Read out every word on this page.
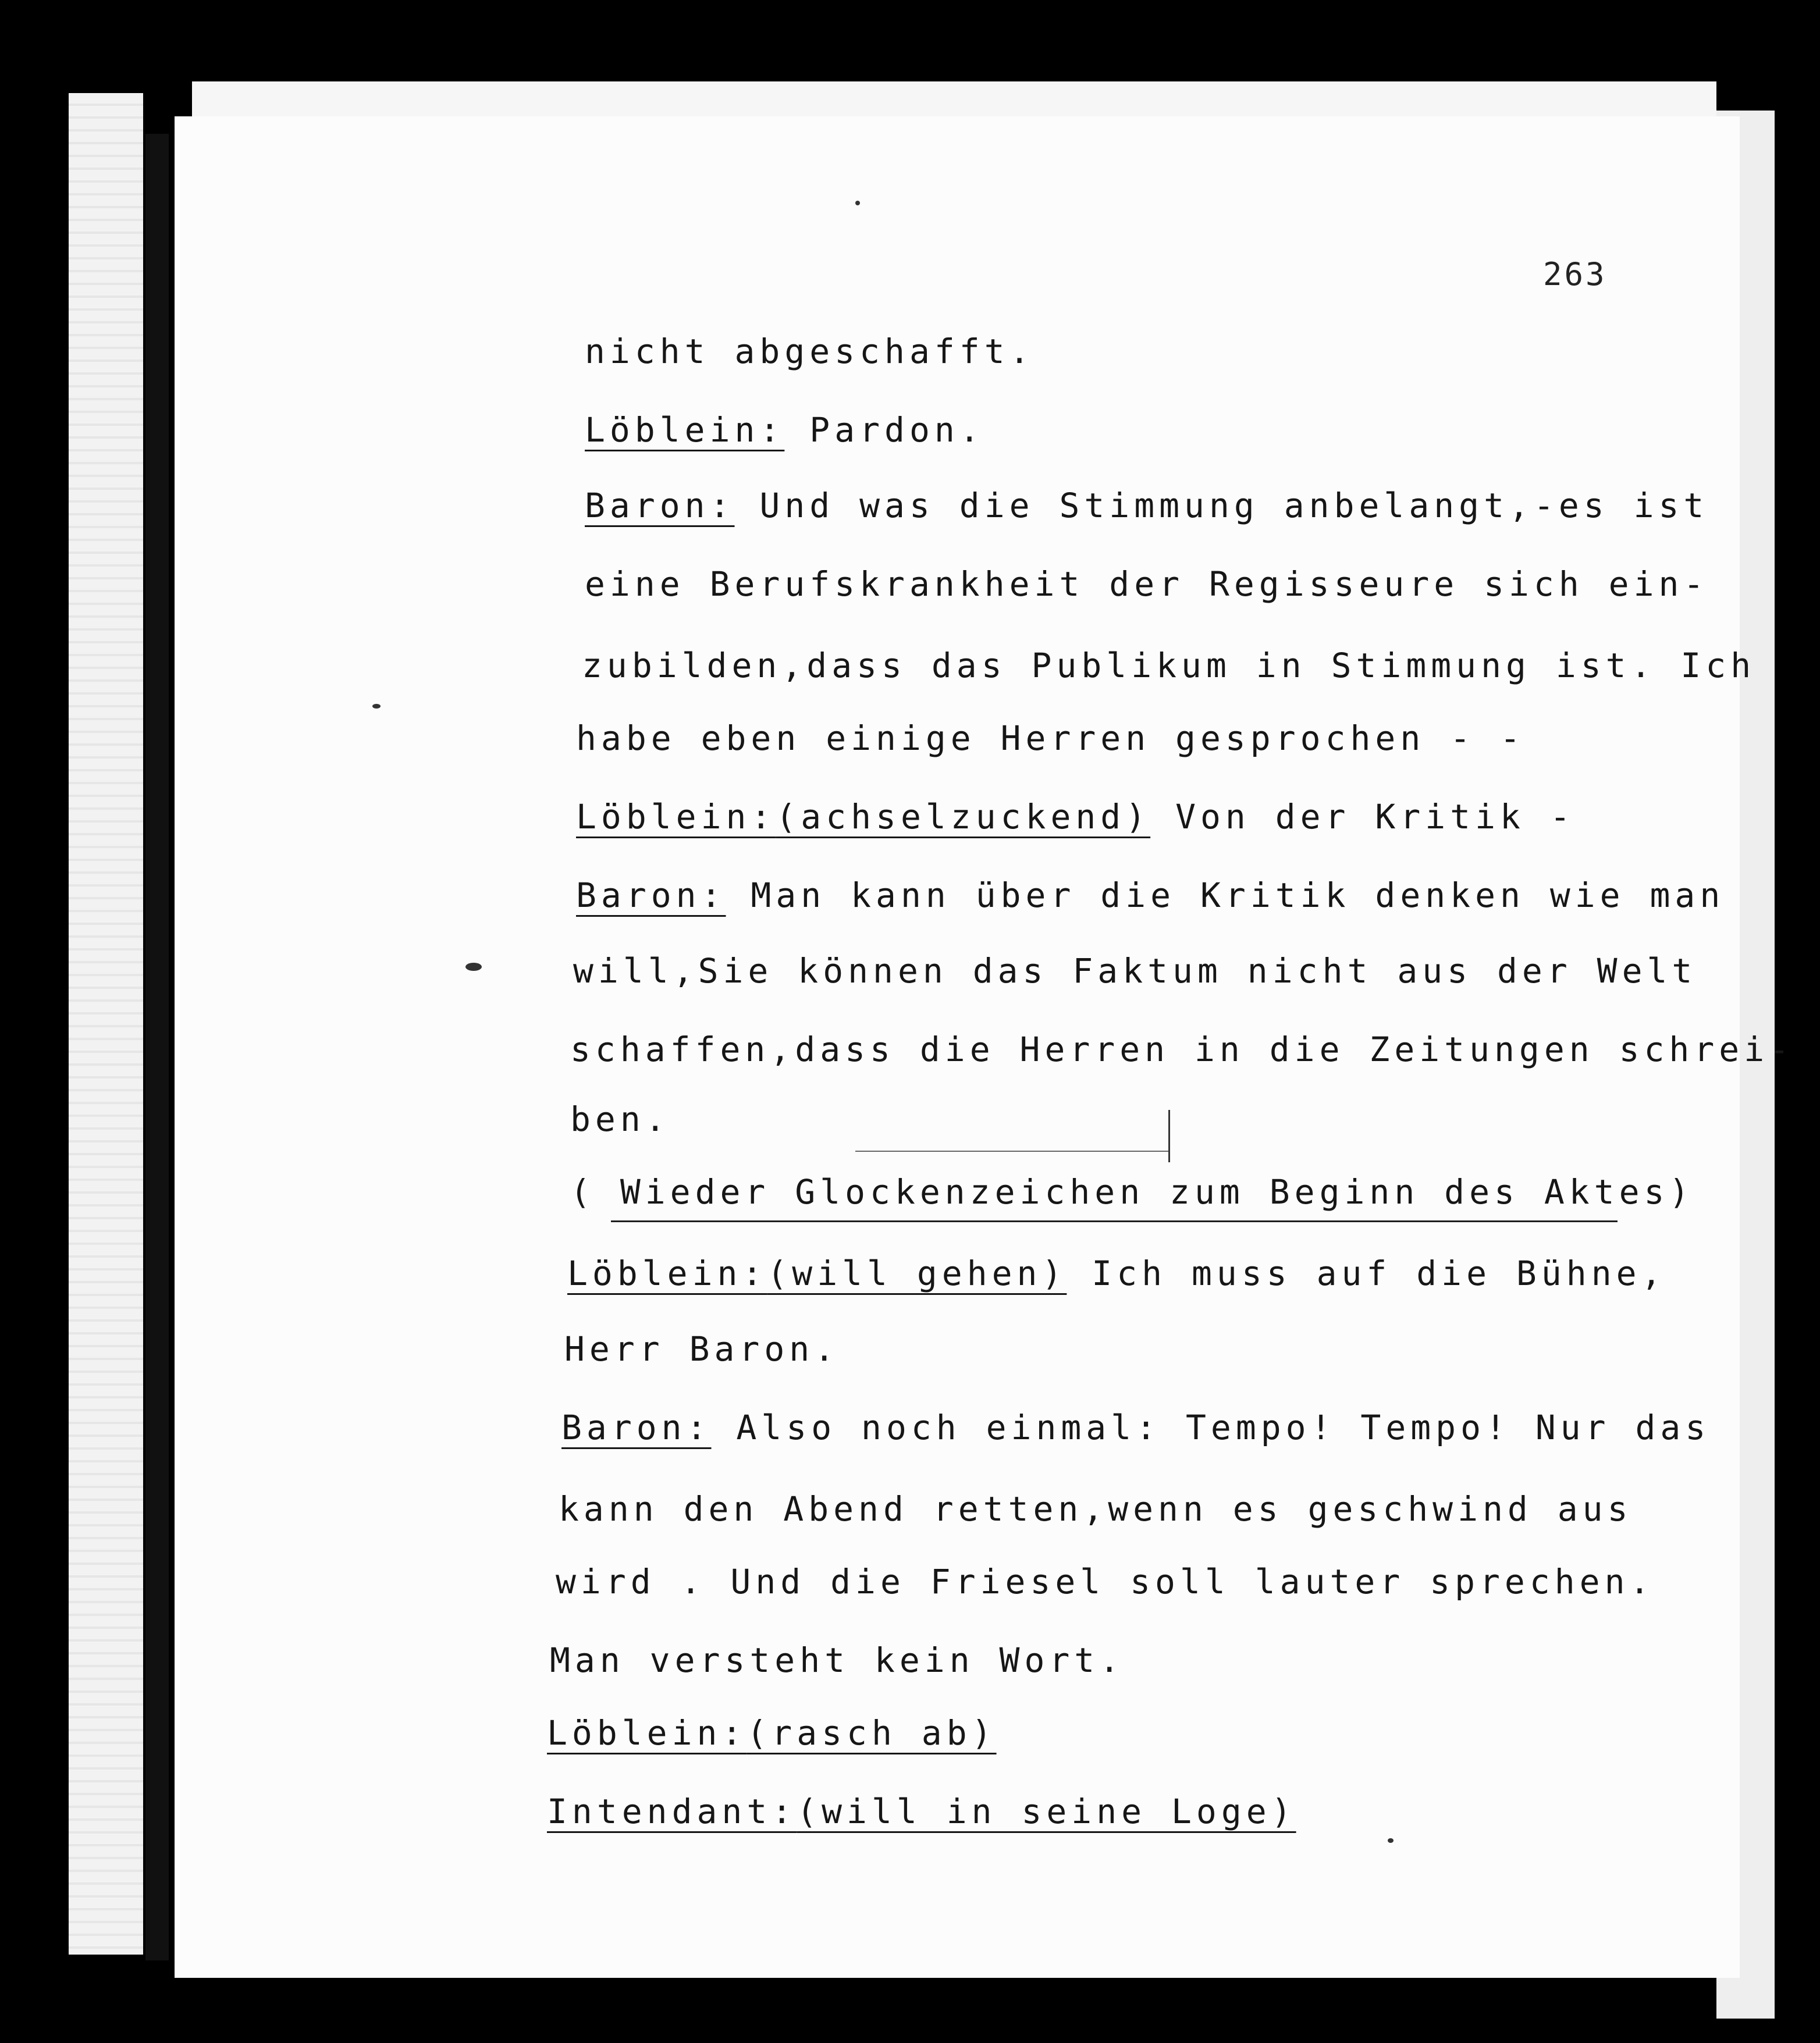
263
nicht abgeschafft.
Löblein: Pardon.
Baron: Und was die Stimmung anbelangt,-es ist
eine Berufskrankheit der Regisseure sich ein-
zubilden,dass das Publikum in Stimmung ist. Ich
habe eben einige Herren gesprochen - -
Löblein:(achselzuckend) Von der Kritik -
Baron: Man kann über die Kritik denken wie man
will,Sie können das Faktum nicht aus der Welt
schaffen,dass die Herren in die Zeitungen schrei-
ben.
( Wieder Glockenzeichen zum Beginn des Aktes)
Löblein:(will gehen) Ich muss auf die Bühne,
Herr Baron.
Baron: Also noch einmal: Tempo! Tempo! Nur das
kann den Abend retten,wenn es geschwind aus
wird . Und die Friesel soll lauter sprechen.
Man versteht kein Wort.
Löblein:(rasch ab)
Intendant:(will in seine Loge)
